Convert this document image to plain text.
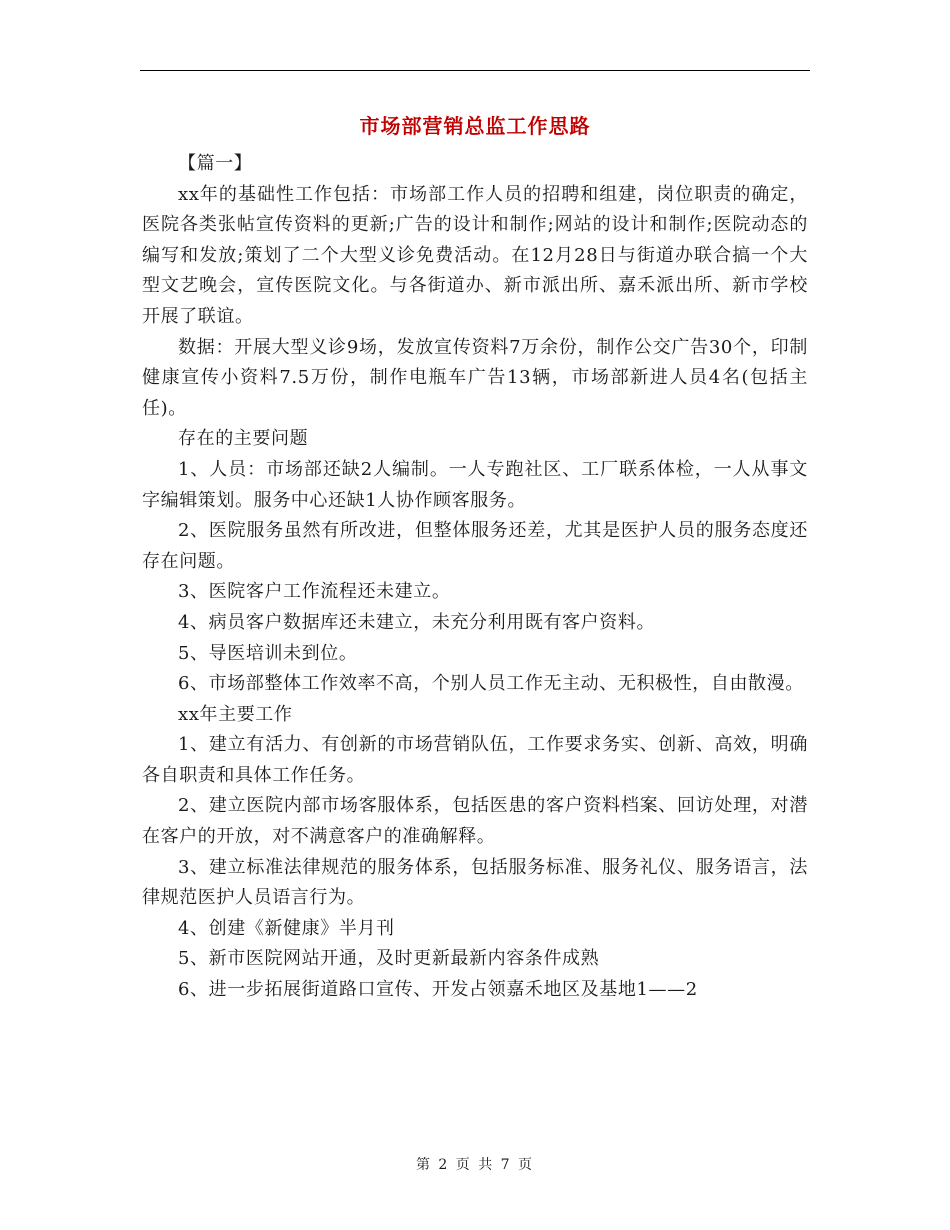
市场部营销总监工作思路

【篇一】

xx年的基础性工作包括：市场部工作人员的招聘和组建，岗位职责的确定，医院各类张帖宣传资料的更新;广告的设计和制作;网站的设计和制作;医院动态的编写和发放;策划了二个大型义诊免费活动。在12月28日与街道办联合搞一个大型文艺晚会，宣传医院文化。与各街道办、新市派出所、嘉禾派出所、新市学校开展了联谊。

数据：开展大型义诊9场，发放宣传资料7万余份，制作公交广告30个，印制健康宣传小资料7.5万份，制作电瓶车广告13辆，市场部新进人员4名(包括主任)。

存在的主要问题

1、人员：市场部还缺2人编制。一人专跑社区、工厂联系体检，一人从事文字编辑策划。服务中心还缺1人协作顾客服务。

2、医院服务虽然有所改进，但整体服务还差，尤其是医护人员的服务态度还存在问题。

3、医院客户工作流程还未建立。

4、病员客户数据库还未建立，未充分利用既有客户资料。

5、导医培训未到位。

6、市场部整体工作效率不高，个别人员工作无主动、无积极性，自由散漫。

xx年主要工作

1、建立有活力、有创新的市场营销队伍，工作要求务实、创新、高效，明确各自职责和具体工作任务。

2、建立医院内部市场客服体系，包括医患的客户资料档案、回访处理，对潜在客户的开放，对不满意客户的准确解释。

3、建立标准法律规范的服务体系，包括服务标准、服务礼仪、服务语言，法律规范医护人员语言行为。

4、创建《新健康》半月刊

5、新市医院网站开通，及时更新最新内容条件成熟

6、进一步拓展街道路口宣传、开发占领嘉禾地区及基地1——2

第 2 页 共 7 页
